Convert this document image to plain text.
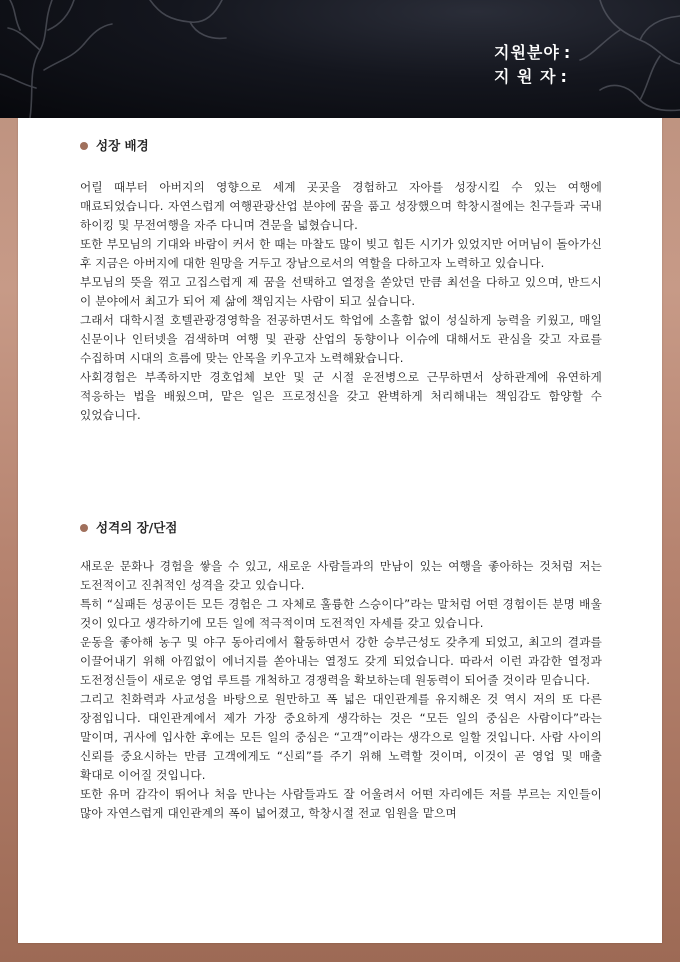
지원분야 :
지 원 자 :
성장 배경

어릴 때부터 아버지의 영향으로 세계 곳곳을 경험하고 자아를 성장시킬 수 있는 여행에 매료되었습니다. 자연스럽게 여행관광산업 분야에 꿈을 품고 성장했으며 학창시절에는 친구들과 국내 하이킹 및 무전여행을 자주 다니며 견문을 넓혔습니다.

또한 부모님의 기대와 바람이 커서 한 때는 마찰도 많이 빚고 힘든 시기가 있었지만 어머님이 돌아가신 후 지금은 아버지에 대한 원망을 거두고 장남으로서의 역할을 다하고자 노력하고 있습니다.

부모님의 뜻을 꺾고 고집스럽게 제 꿈을 선택하고 열정을 쏟았던 만큼 최선을 다하고 있으며, 반드시 이 분야에서 최고가 되어 제 삶에 책임지는 사람이 되고 싶습니다.

그래서 대학시절 호텔관광경영학을 전공하면서도 학업에 소홀함 없이 성실하게 능력을 키웠고, 매일 신문이나 인터넷을 검색하며 여행 및 관광 산업의 동향이나 이슈에 대해서도 관심을 갖고 자료를 수집하며 시대의 흐름에 맞는 안목을 키우고자 노력해왔습니다.

사회경험은 부족하지만 경호업체 보안 및 군 시절 운전병으로 근무하면서 상하관계에 유연하게 적응하는 법을 배웠으며, 맡은 일은 프로정신을 갖고 완벽하게 처리해내는 책임감도 함양할 수 있었습니다.

성격의 장/단점

새로운 문화나 경험을 쌓을 수 있고, 새로운 사람들과의 만남이 있는 여행을 좋아하는 것처럼 저는 도전적이고 진취적인 성격을 갖고 있습니다.

특히 “실패든 성공이든 모든 경험은 그 자체로 훌륭한 스승이다”라는 말처럼 어떤 경험이든 분명 배울 것이 있다고 생각하기에 모든 일에 적극적이며 도전적인 자세를 갖고 있습니다.

운동을 좋아해 농구 및 야구 동아리에서 활동하면서 강한 승부근성도 갖추게 되었고, 최고의 결과를 이끌어내기 위해 아낌없이 에너지를 쏟아내는 열정도 갖게 되었습니다. 따라서 이런 과감한 열정과 도전정신들이 새로운 영업 루트를 개척하고 경쟁력을 확보하는데 원동력이 되어줄 것이라 믿습니다.

그리고 친화력과 사교성을 바탕으로 원만하고 폭 넓은 대인관계를 유지해온 것 역시 저의 또 다른 장점입니다. 대인관계에서 제가 가장 중요하게 생각하는 것은 “모든 일의 중심은 사람이다”라는 말이며, 귀사에 입사한 후에는 모든 일의 중심은 “고객”이라는 생각으로 일할 것입니다. 사람 사이의 신뢰를 중요시하는 만큼 고객에게도 “신뢰”를 주기 위해 노력할 것이며, 이것이 곧 영업 및 매출 확대로 이어질 것입니다.

또한 유머 감각이 뛰어나 처음 만나는 사람들과도 잘 어울려서 어떤 자리에든 저를 부르는 지인들이 많아 자연스럽게 대인관계의 폭이 넓어졌고, 학창시절 전교 임원을 맡으며
